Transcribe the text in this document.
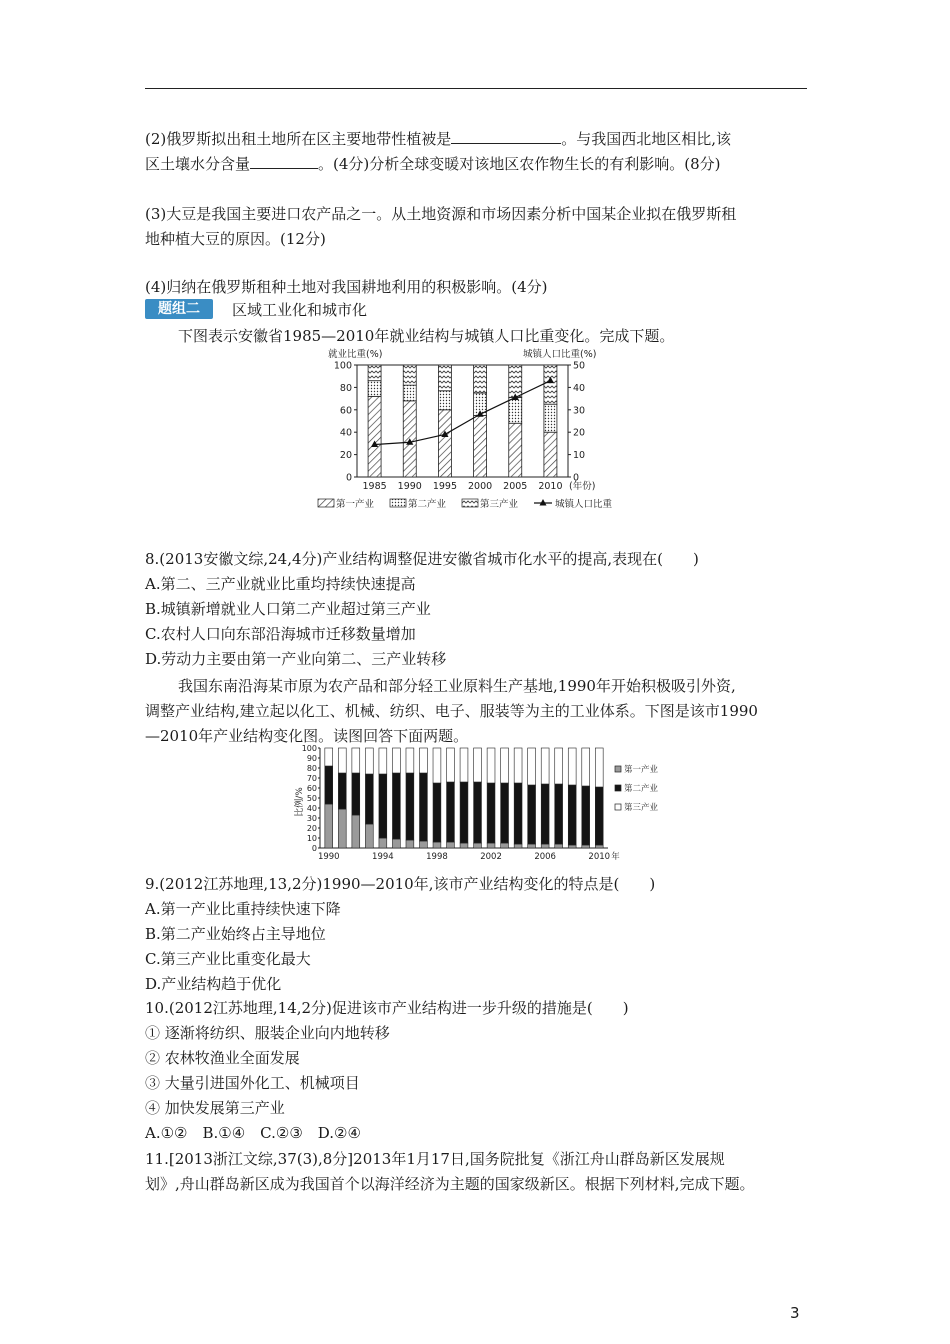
(2)俄罗斯拟出租土地所在区主要地带性植被是	。与我国西北地区相比,该
区土壤水分含量	。(4分)分析全球变暖对该地区农作物生长的有利影响。(8分)
(3)大豆是我国主要进口农产品之一。从土地资源和市场因素分析中国某企业拟在俄罗斯租
地种植大豆的原因。(12分)
(4)归纳在俄罗斯租种土地对我国耕地利用的积极影响。(4分)
题组二	区域工业化和城市化
下图表示安徽省1985—2010年就业结构与城镇人口比重变化。完成下题。
就业比重(%)	城镇人口比重(%)
0
20
40
60
80
100
0
10
20
30
40
50
1985 1990 1995 2000 2005 2010 (年份)
第一产业	第二产业	第三产业	城镇人口比重
8.(2013安徽文综,24,4分)产业结构调整促进安徽省城市化水平的提高,表现在(　　)
A.第二、三产业就业比重均持续快速提高
B.城镇新增就业人口第二产业超过第三产业
C.农村人口向东部沿海城市迁移数量增加
D.劳动力主要由第一产业向第二、三产业转移
我国东南沿海某市原为农产品和部分轻工业原料生产基地,1990年开始积极吸引外资,
调整产业结构,建立起以化工、机械、纺织、电子、服装等为主的工业体系。下图是该市1990
—2010年产业结构变化图。读图回答下面两题。
比例/%
0
10
20
30
40
50
60
70
80
90
100
1990	1994	1998	2002	2006	2010 年
第一产业
第二产业
第三产业
9.(2012江苏地理,13,2分)1990—2010年,该市产业结构变化的特点是(　　)
A.第一产业比重持续快速下降
B.第二产业始终占主导地位
C.第三产业比重变化最大
D.产业结构趋于优化
10.(2012江苏地理,14,2分)促进该市产业结构进一步升级的措施是(　　)
① 逐渐将纺织、服装企业向内地转移
② 农林牧渔业全面发展
③ 大量引进国外化工、机械项目
④ 加快发展第三产业
A.①②　B.①④　C.②③　D.②④
11.[2013浙江文综,37(3),8分]2013年1月17日,国务院批复《浙江舟山群岛新区发展规
划》,舟山群岛新区成为我国首个以海洋经济为主题的国家级新区。根据下列材料,完成下题。
3
